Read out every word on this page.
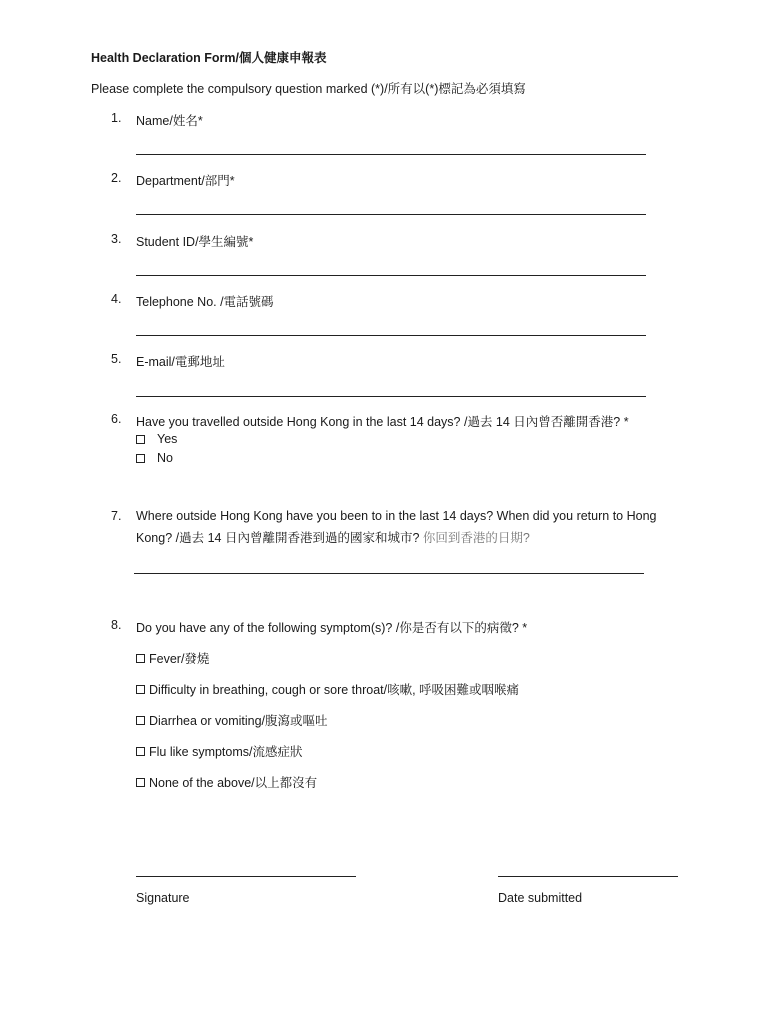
Health Declaration Form/個人健康申報表
Please complete the compulsory question marked (*)/所有以(*)標記為必須填寫
1. Name/姓名*
2. Department/部門*
3. Student ID/學生編號*
4. Telephone No. /電話號碼
5. E-mail/電郵地址
6. Have you travelled outside Hong Kong in the last 14 days? /過去 14 日內曾否離開香港? *
Yes
No
7. Where outside Hong Kong have you been to in the last 14 days? When did you return to Hong
Kong? /過去 14 日內曾離開香港到過的國家和城市? 你回到香港的日期?
8. Do you have any of the following symptom(s)? /你是否有以下的病徵? *
Fever/發燒
Difficulty in breathing, cough or sore throat/咳嗽, 呼吸困難或咽喉痛
Diarrhea or vomiting/腹瀉或嘔吐
Flu like symptoms/流感症狀
None of the above/以上都沒有
Signature	Date submitted
